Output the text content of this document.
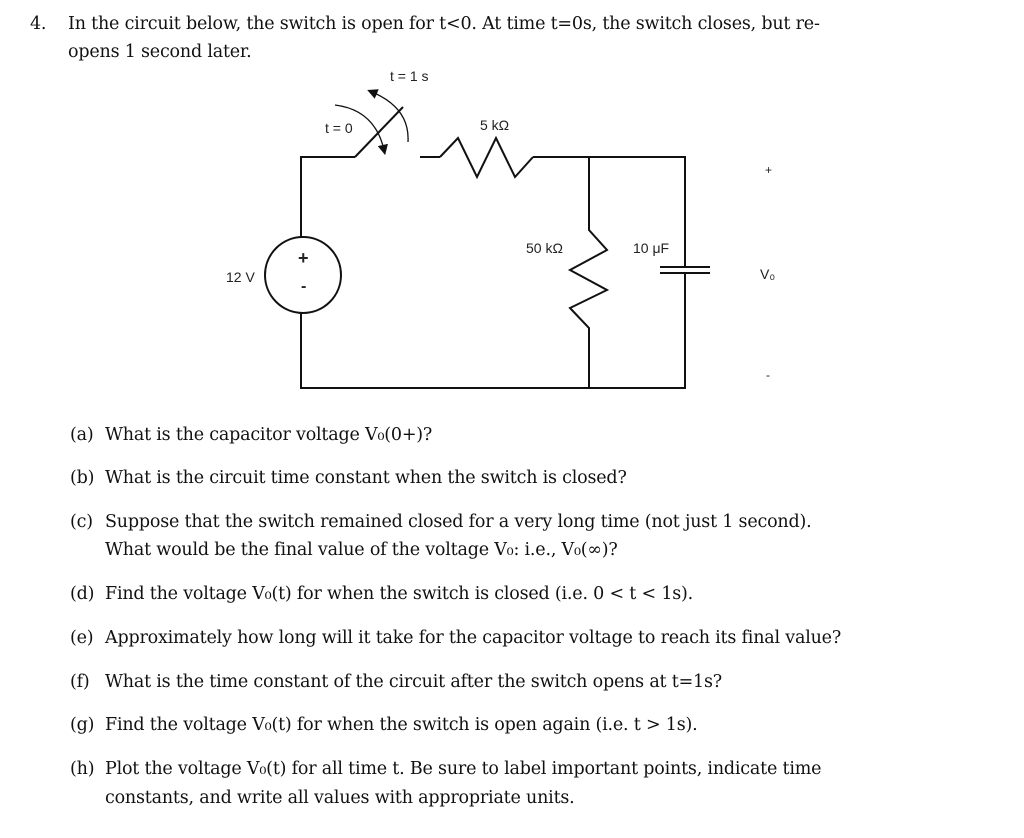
4. In the circuit below, the switch is open for t<0. At time t=0s, the switch closes, but re-
opens 1 second later.
t = 1 s
t = 0	5 kΩ
50 kΩ	10 μF
12 V
+
-
+
V₀
-
(a) What is the capacitor voltage V₀(0+)?
(b) What is the circuit time constant when the switch is closed?
(c) Suppose that the switch remained closed for a very long time (not just 1 second).
What would be the final value of the voltage V₀: i.e., V₀(∞)?
(d) Find the voltage V₀(t) for when the switch is closed (i.e. 0 < t < 1s).
(e) Approximately how long will it take for the capacitor voltage to reach its final value?
(f) What is the time constant of the circuit after the switch opens at t=1s?
(g) Find the voltage V₀(t) for when the switch is open again (i.e. t > 1s).
(h) Plot the voltage V₀(t) for all time t. Be sure to label important points, indicate time
constants, and write all values with appropriate units.
